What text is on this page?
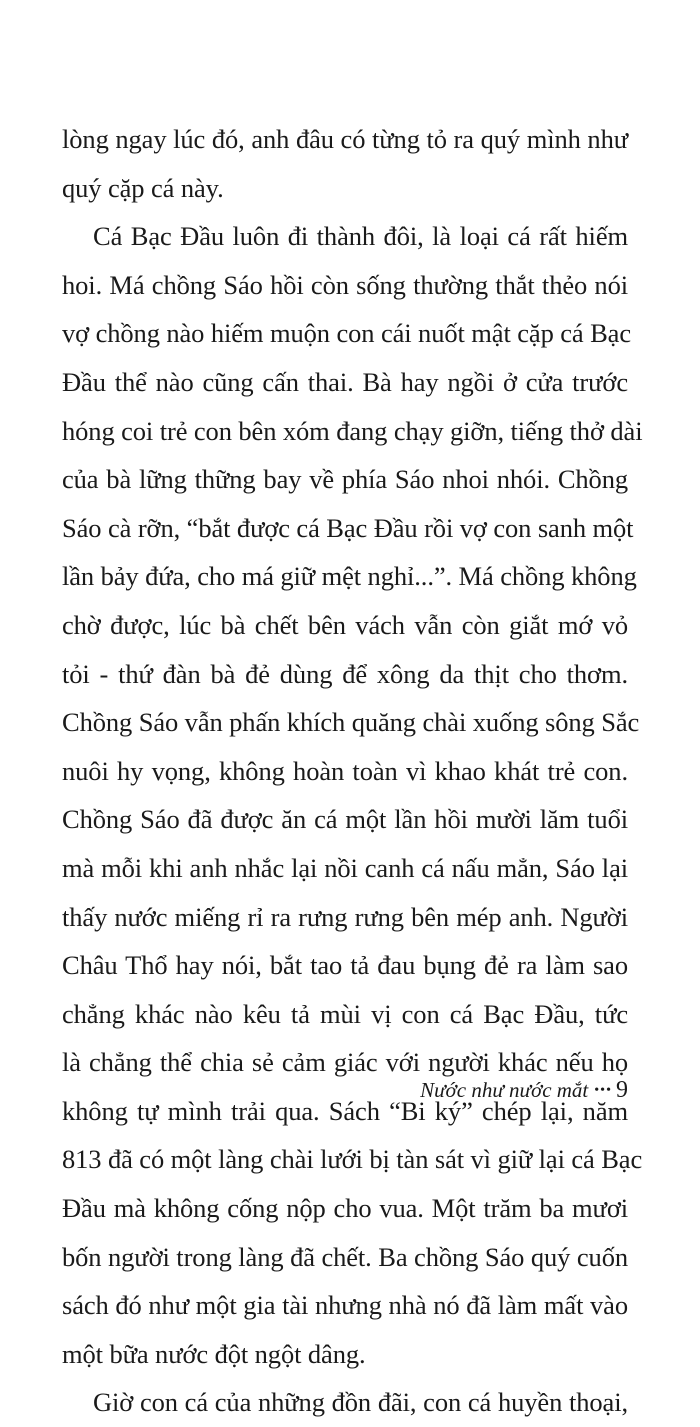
lòng ngay lúc đó, anh đâu có từng tỏ ra quý mình như
quý cặp cá này.
Cá Bạc Đầu luôn đi thành đôi, là loại cá rất hiếm
hoi. Má chồng Sáo hồi còn sống thường thắt thẻo nói
vợ chồng nào hiếm muộn con cái nuốt mật cặp cá Bạc
Đầu thể nào cũng cấn thai. Bà hay ngồi ở cửa trước
hóng coi trẻ con bên xóm đang chạy giỡn, tiếng thở dài
của bà lững thững bay về phía Sáo nhoi nhói. Chồng
Sáo cà rỡn, “bắt được cá Bạc Đầu rồi vợ con sanh một
lần bảy đứa, cho má giữ mệt nghỉ...”. Má chồng không
chờ được, lúc bà chết bên vách vẫn còn giắt mớ vỏ
tỏi - thứ đàn bà đẻ dùng để xông da thịt cho thơm.
Chồng Sáo vẫn phấn khích quăng chài xuống sông Sắc
nuôi hy vọng, không hoàn toàn vì khao khát trẻ con.
Chồng Sáo đã được ăn cá một lần hồi mười lăm tuổi
mà mỗi khi anh nhắc lại nồi canh cá nấu mẳn, Sáo lại
thấy nước miếng rỉ ra rưng rưng bên mép anh. Người
Châu Thổ hay nói, bắt tao tả đau bụng đẻ ra làm sao
chẳng khác nào kêu tả mùi vị con cá Bạc Đầu, tức
là chẳng thể chia sẻ cảm giác với người khác nếu họ
không tự mình trải qua. Sách “Bi ký” chép lại, năm
813 đã có một làng chài lưới bị tàn sát vì giữ lại cá Bạc
Đầu mà không cống nộp cho vua. Một trăm ba mươi
bốn người trong làng đã chết. Ba chồng Sáo quý cuốn
sách đó như một gia tài nhưng nhà nó đã làm mất vào
một bữa nước đột ngột dâng.
Giờ con cá của những đồn đãi, con cá huyền thoại,
Nước như nước mắt ••• 9
